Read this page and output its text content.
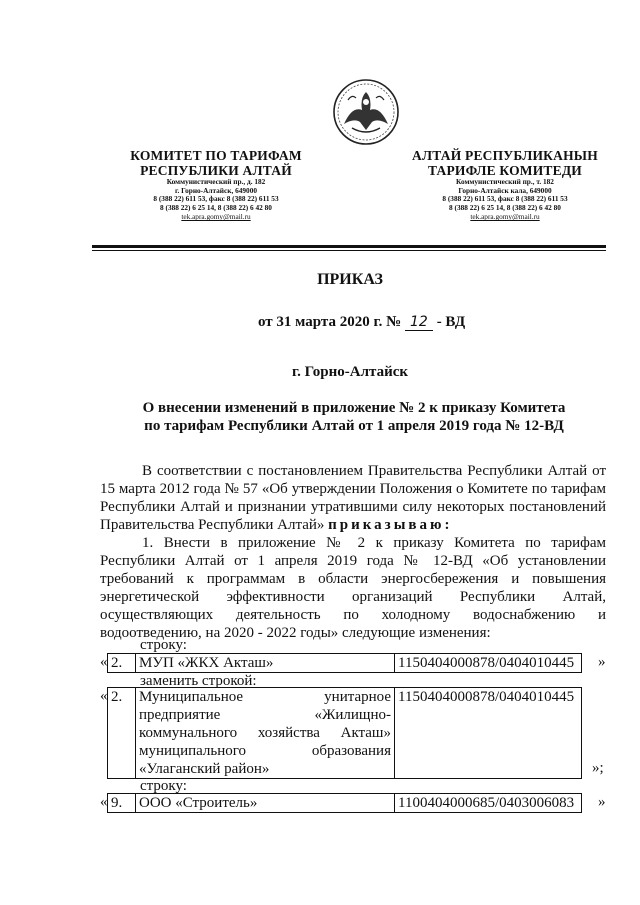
КОМИТЕТ ПО ТАРИФАМ
РЕСПУБЛИКИ АЛТАЙ
Коммунистический пр., д. 182
г. Горно-Алтайск, 649000
8 (388 22) 611 53, факс 8 (388 22) 611 53
8 (388 22) 6 25 14, 8 (388 22) 6 42 80
tek.apra.gomy@mail.ru
АЛТАЙ РЕСПУБЛИКАНЫН
ТАРИФЛЕ КОМИТЕДИ
Коммунистический пр., т. 182
Горно-Алтайск кала, 649000
8 (388 22) 611 53, факс 8 (388 22) 611 53
8 (388 22) 6 25 14, 8 (388 22) 6 42 80
tek.apra.gomy@mail.ru
ПРИКАЗ
от 31 марта 2020 г. № 12 - ВД
г. Горно-Алтайск
О внесении изменений в приложение № 2 к приказу Комитета
по тарифам Республики Алтай от 1 апреля 2019 года № 12-ВД
В соответствии с постановлением Правительства Республики Алтай от 15 марта 2012 года № 57 «Об утверждении Положения о Комитете по тарифам Республики Алтай и признании утратившими силу некоторых постановлений Правительства Республики Алтай» приказываю:
1. Внести в приложение № 2 к приказу Комитета по тарифам Республики Алтай от 1 апреля 2019 года № 12-ВД «Об установлении требований к программам в области энергосбережения и повышения энергетической эффективности организаций Республики Алтай, осуществляющих деятельность по холодному водоснабжению и водоотведению, на 2020 - 2022 годы» следующие изменения:
строку:
« 2.	МУП «ЖКХ Акташ»	1150404000878/0404010445 »
заменить строкой:
« 2.	Муниципальное унитарное предприятие «Жилищно-коммунального хозяйства Акташ» муниципального образования «Улаганский район»	1150404000878/0404010445
»;
строку:
« 9.	ООО «Строитель»	1100404000685/0403006083 »
